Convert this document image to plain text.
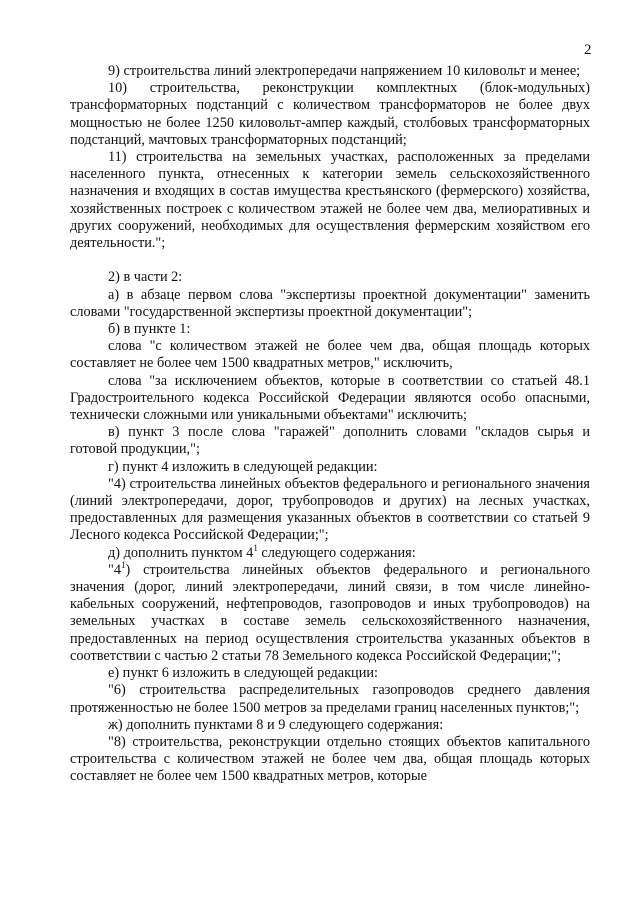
2

9) строительства линий электропередачи напряжением 10 киловольт и менее;

10) строительства, реконструкции комплектных (блок-модульных) трансформаторных подстанций с количеством трансформаторов не более двух мощностью не более 1250 киловольт-ампер каждый, столбовых трансформаторных подстанций, мачтовых трансформаторных подстанций;

11) строительства на земельных участках, расположенных за пределами населенного пункта, отнесенных к категории земель сельскохозяйственного назначения и входящих в состав имущества крестьянского (фермерского) хозяйства, хозяйственных построек с количеством этажей не более чем два, мелиоративных и других сооружений, необходимых для осуществления фермерским хозяйством его деятельности.";

2) в части 2:

а) в абзаце первом слова "экспертизы проектной документации" заменить словами "государственной экспертизы проектной документации";

б) в пункте 1:

слова "с количеством этажей не более чем два, общая площадь которых составляет не более чем 1500 квадратных метров," исключить,

слова "за исключением объектов, которые в соответствии со статьей 48.1 Градостроительного кодекса Российской Федерации являются особо опасными, технически сложными или уникальными объектами" исключить;

в) пункт 3 после слова "гаражей" дополнить словами "складов сырья и готовой продукции,";

г) пункт 4 изложить в следующей редакции:

"4) строительства линейных объектов федерального и регионального значения (линий электропередачи, дорог, трубопроводов и других) на лесных участках, предоставленных для размещения указанных объектов в соответствии со статьей 9 Лесного кодекса Российской Федерации;";

д) дополнить пунктом $4^1$ следующего содержания:

"$4^1$) строительства линейных объектов федерального и регионального значения (дорог, линий электропередачи, линий связи, в том числе линейно-кабельных сооружений, нефтепроводов, газопроводов и иных трубопроводов) на земельных участках в составе земель сельскохозяйственного назначения, предоставленных на период осуществления строительства указанных объектов в соответствии с частью 2 статьи 78 Земельного кодекса Российской Федерации;";

е) пункт 6 изложить в следующей редакции:

"6) строительства распределительных газопроводов среднего давления протяженностью не более 1500 метров за пределами границ населенных пунктов;";

ж) дополнить пунктами 8 и 9 следующего содержания:

"8) строительства, реконструкции отдельно стоящих объектов капитального строительства с количеством этажей не более чем два, общая площадь которых составляет не более чем 1500 квадратных метров, которые
